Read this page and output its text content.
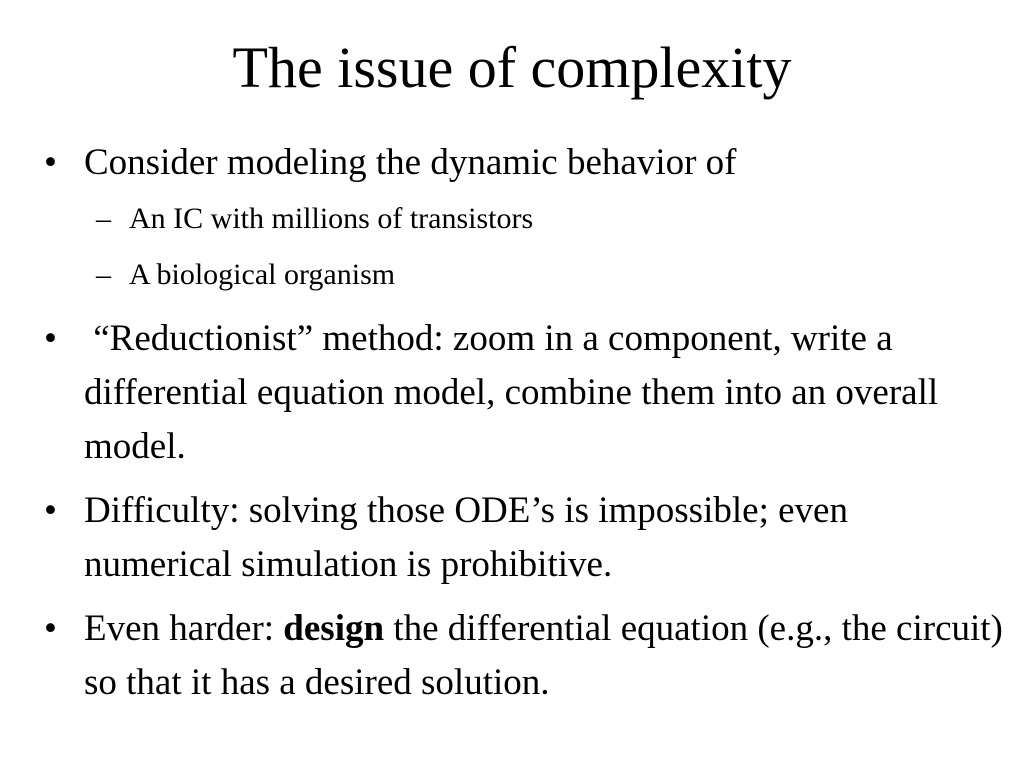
The issue of complexity
• Consider modeling the dynamic behavior of
– An IC with millions of transistors
– A biological organism
• “Reductionist” method: zoom in a component, write a differential equation model, combine them into an overall model.
• Difficulty: solving those ODE’s is impossible; even numerical simulation is prohibitive.
• Even harder: design the differential equation (e.g., the circuit) so that it has a desired solution.
